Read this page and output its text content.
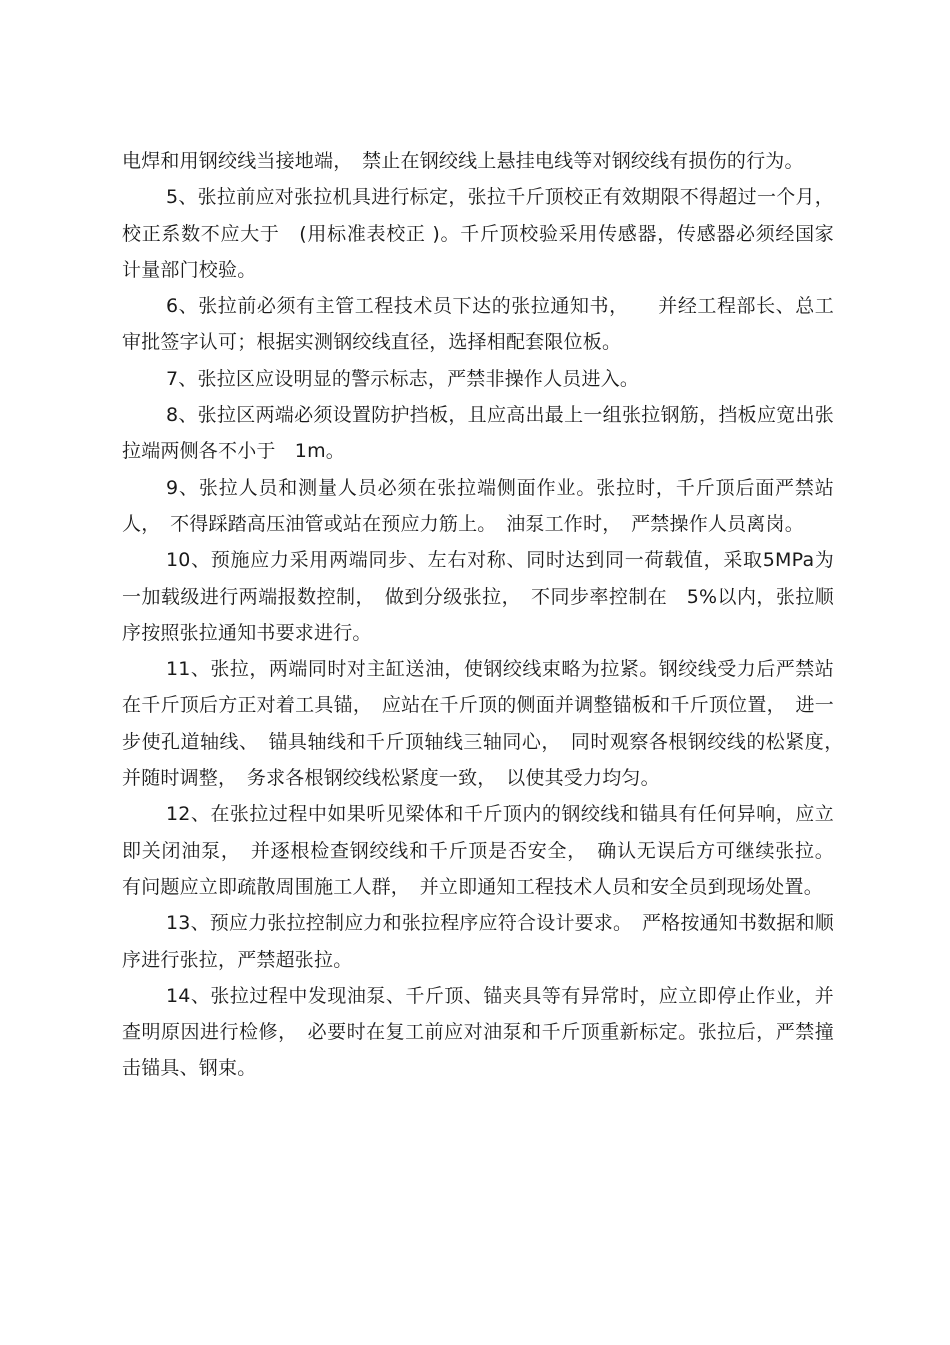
电焊和用钢绞线当接地端，　禁止在钢绞线上悬挂电线等对钢绞线有损伤的行为。

5、张拉前应对张拉机具进行标定，张拉千斤顶校正有效期限不得超过一个月，校正系数不应大于　(用标准表校正 )。千斤顶校验采用传感器，传感器必须经国家计量部门校验。

6、张拉前必须有主管工程技术员下达的张拉通知书，　　并经工程部长、总工审批签字认可；根据实测钢绞线直径，选择相配套限位板。

7、张拉区应设明显的警示标志，严禁非操作人员进入。

8、张拉区两端必须设置防护挡板，且应高出最上一组张拉钢筋，挡板应宽出张拉端两侧各不小于　1m。

9、张拉人员和测量人员必须在张拉端侧面作业。张拉时，千斤顶后面严禁站人，　不得踩踏高压油管或站在预应力筋上。　油泵工作时，　严禁操作人员离岗。

10、预施应力采用两端同步、左右对称、同时达到同一荷载值，采取5MPa为一加载级进行两端报数控制，　做到分级张拉，　不同步率控制在　5%以内，张拉顺序按照张拉通知书要求进行。

11、张拉，两端同时对主缸送油，使钢绞线束略为拉紧。钢绞线受力后严禁站在千斤顶后方正对着工具锚，　应站在千斤顶的侧面并调整锚板和千斤顶位置，　进一步使孔道轴线、　锚具轴线和千斤顶轴线三轴同心，　同时观察各根钢绞线的松紧度，　并随时调整，　务求各根钢绞线松紧度一致，　以使其受力均匀。

12、在张拉过程中如果听见梁体和千斤顶内的钢绞线和锚具有任何异响，应立即关闭油泵，　并逐根检查钢绞线和千斤顶是否安全，　确认无误后方可继续张拉。 有问题应立即疏散周围施工人群，　并立即通知工程技术人员和安全员到现场处置。

13、预应力张拉控制应力和张拉程序应符合设计要求。　严格按通知书数据和顺序进行张拉，严禁超张拉。

14、张拉过程中发现油泵、千斤顶、锚夹具等有异常时，应立即停止作业，并查明原因进行检修，　必要时在复工前应对油泵和千斤顶重新标定。张拉后，严禁撞击锚具、钢束。
